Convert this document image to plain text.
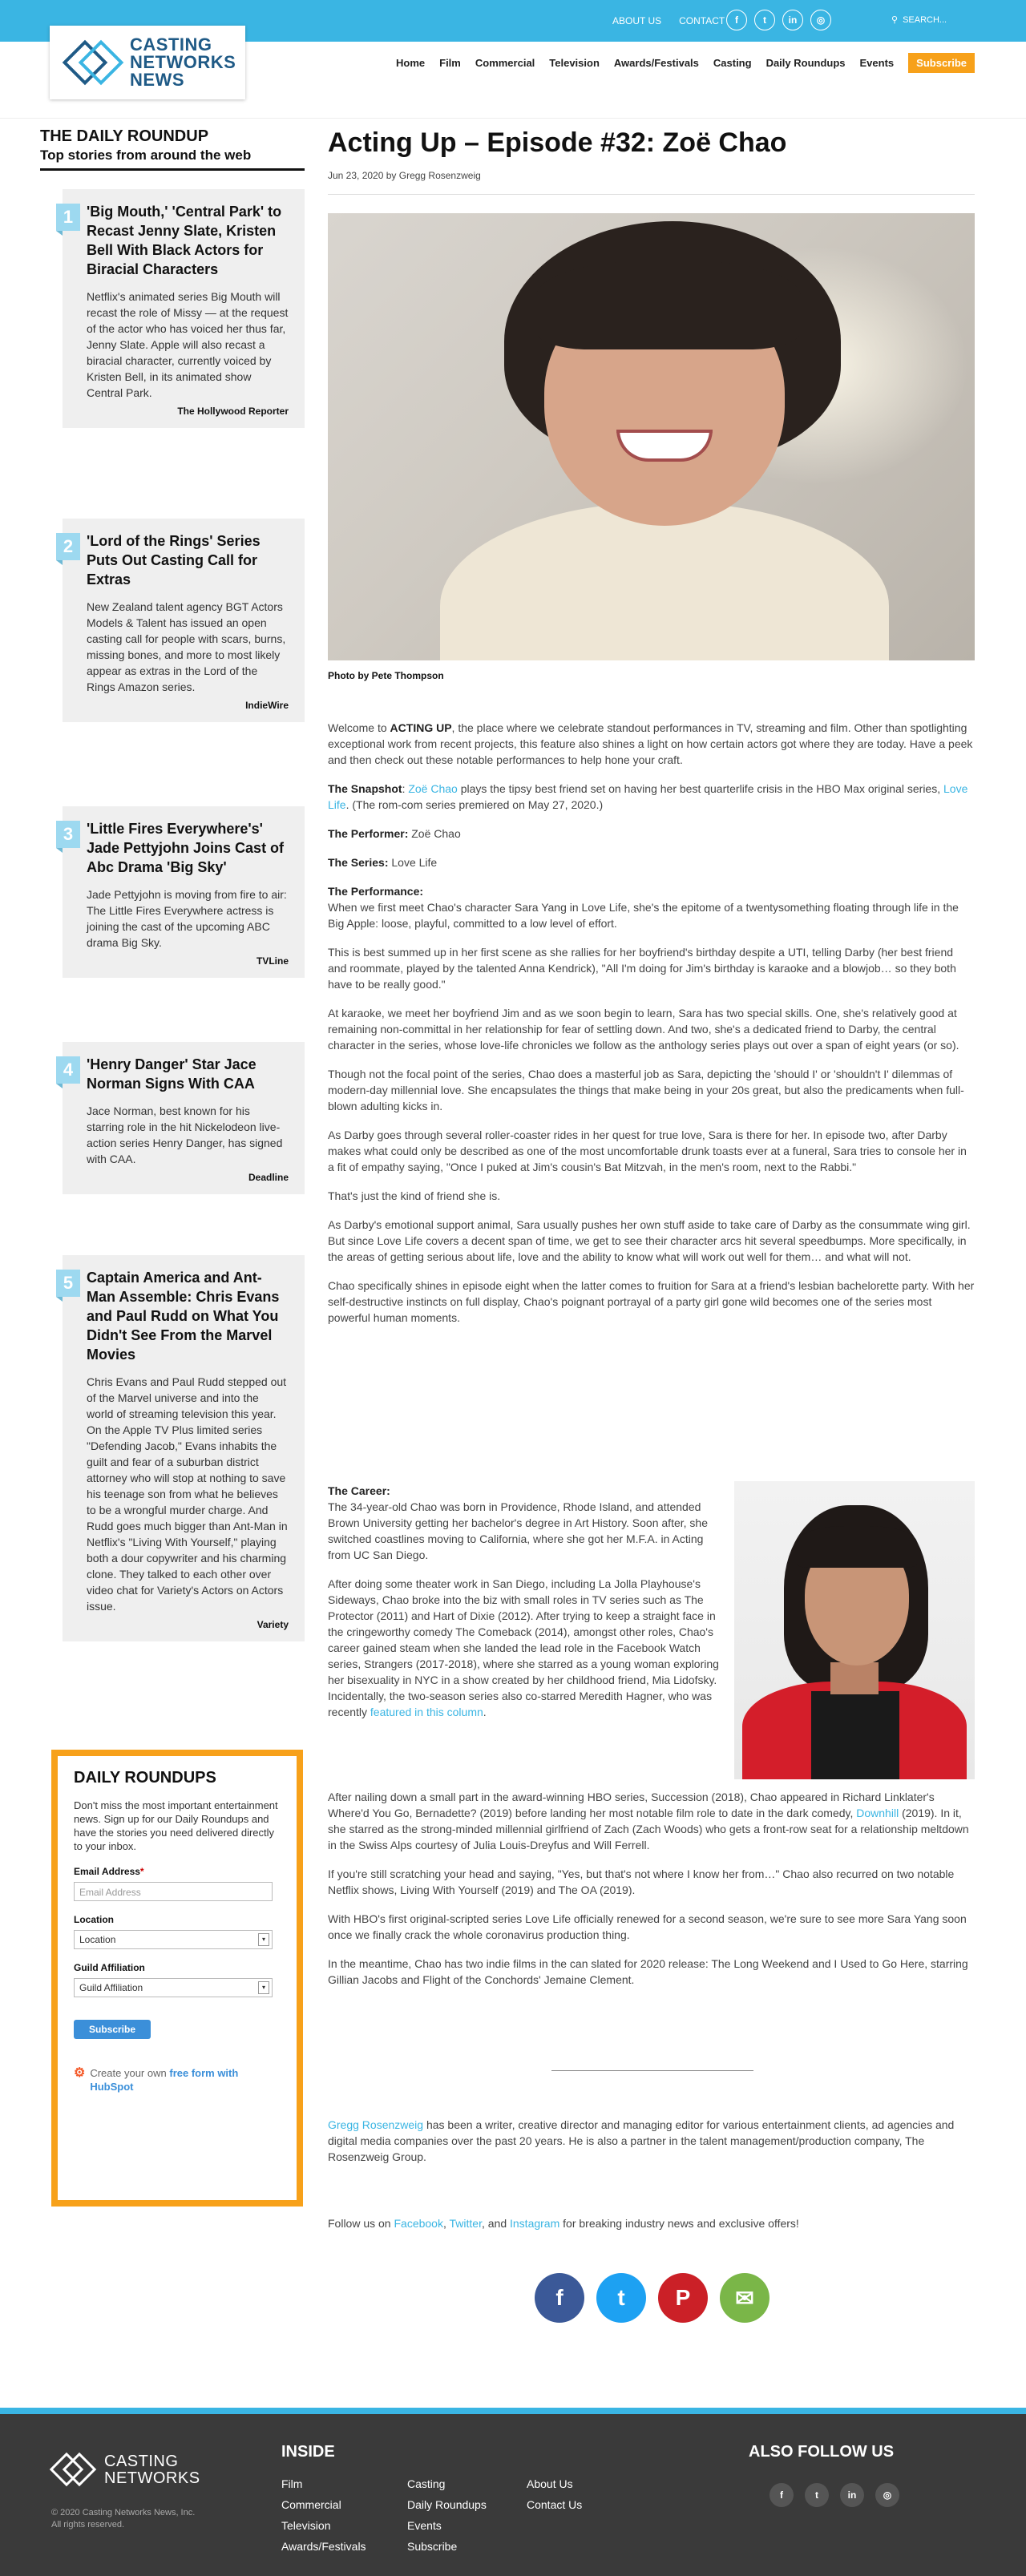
ABOUT US CONTACT	f	t	in	◎	⚲ SEARCH...
CASTING
NETWORKS
NEWS
Home Film Commercial Television Awards/Festivals Casting Daily Roundups Events	Subscribe
THE DAILY ROUNDUP
Top stories from around the web
1 'Big Mouth,' 'Central Park' to Recast Jenny Slate, Kristen Bell With Black Actors for Biracial Characters

Netflix's animated series Big Mouth will recast the role of Missy — at the request of the actor who has voiced her thus far, Jenny Slate. Apple will also recast a biracial character, currently voiced by Kristen Bell, in its animated show Central Park.

The Hollywood Reporter
2 'Lord of the Rings' Series Puts Out Casting Call for Extras

New Zealand talent agency BGT Actors Models & Talent has issued an open casting call for people with scars, burns, missing bones, and more to most likely appear as extras in the Lord of the Rings Amazon series.

IndieWire
3 'Little Fires Everywhere's' Jade Pettyjohn Joins Cast of Abc Drama 'Big Sky'

Jade Pettyjohn is moving from fire to air: The Little Fires Everywhere actress is joining the cast of the upcoming ABC drama Big Sky.

TVLine
4 'Henry Danger' Star Jace Norman Signs With CAA

Jace Norman, best known for his starring role in the hit Nickelodeon live-action series Henry Danger, has signed with CAA.

Deadline
5 Captain America and Ant-Man Assemble: Chris Evans and Paul Rudd on What You Didn't See From the Marvel Movies

Chris Evans and Paul Rudd stepped out of the Marvel universe and into the world of streaming television this year. On the Apple TV Plus limited series "Defending Jacob," Evans inhabits the guilt and fear of a suburban district attorney who will stop at nothing to save his teenage son from what he believes to be a wrongful murder charge. And Rudd goes much bigger than Ant-Man in Netflix's "Living With Yourself," playing both a dour copywriter and his charming clone. They talked to each other over video chat for Variety's Actors on Actors issue.

Variety
DAILY ROUNDUPS

Don't miss the most important entertainment news. Sign up for our Daily Roundups and have the stories you need delivered directly to your inbox.

Email Address*
Email Address
Location
Location	▾
Guild Affiliation
Guild Affiliation	▾
Subscribe
⚙ Create your own free form with
HubSpot
Acting Up – Episode #32: Zoë Chao
Jun 23, 2020 by Gregg Rosenzweig
Photo by Pete Thompson

Welcome to ACTING UP, the place where we celebrate standout performances in TV, streaming and film. Other than spotlighting exceptional work from recent projects, this feature also shines a light on how certain actors got where they are today. Have a peek and then check out these notable performances to help hone your craft.

The Snapshot: Zoë Chao plays the tipsy best friend set on having her best quarterlife crisis in the HBO Max original series, Love Life. (The rom-com series premiered on May 27, 2020.)

The Performer: Zoë Chao

The Series: Love Life

The Performance:

When we first meet Chao's character Sara Yang in Love Life, she's the epitome of a twentysomething floating through life in the Big Apple: loose, playful, committed to a low level of effort.

This is best summed up in her first scene as she rallies for her boyfriend's birthday despite a UTI, telling Darby (her best friend and roommate, played by the talented Anna Kendrick), "All I'm doing for Jim's birthday is karaoke and a blowjob… so they both have to be really good."

At karaoke, we meet her boyfriend Jim and as we soon begin to learn, Sara has two special skills. One, she's relatively good at remaining non-committal in her relationship for fear of settling down. And two, she's a dedicated friend to Darby, the central character in the series, whose love-life chronicles we follow as the anthology series plays out over a span of eight years (or so).

Though not the focal point of the series, Chao does a masterful job as Sara, depicting the 'should I' or 'shouldn't I' dilemmas of modern-day millennial love. She encapsulates the things that make being in your 20s great, but also the predicaments when full-blown adulting kicks in.

As Darby goes through several roller-coaster rides in her quest for true love, Sara is there for her. In episode two, after Darby makes what could only be described as one of the most uncomfortable drunk toasts ever at a funeral, Sara tries to console her in a fit of empathy saying, "Once I puked at Jim's cousin's Bat Mitzvah, in the men's room, next to the Rabbi."

That's just the kind of friend she is.

As Darby's emotional support animal, Sara usually pushes her own stuff aside to take care of Darby as the consummate wing girl. But since Love Life covers a decent span of time, we get to see their character arcs hit several speedbumps. More specifically, in the areas of getting serious about life, love and the ability to know what will work out well for them… and what will not.

Chao specifically shines in episode eight when the latter comes to fruition for Sara at a friend's lesbian bachelorette party. With her self-destructive instincts on full display, Chao's poignant portrayal of a party girl gone wild becomes one of the series most powerful human moments.

The Career:

The 34-year-old Chao was born in Providence, Rhode Island, and attended Brown University getting her bachelor's degree in Art History. Soon after, she switched coastlines moving to California, where she got her M.F.A. in Acting from UC San Diego.

After doing some theater work in San Diego, including La Jolla Playhouse's Sideways, Chao broke into the biz with small roles in TV series such as The Protector (2011) and Hart of Dixie (2012). After trying to keep a straight face in the cringeworthy comedy The Comeback (2014), amongst other roles, Chao's career gained steam when she landed the lead role in the Facebook Watch series, Strangers (2017-2018), where she starred as a young woman exploring her bisexuality in NYC in a show created by her childhood friend, Mia Lidofsky. Incidentally, the two-season series also co-starred Meredith Hagner, who was recently featured in this column.

After nailing down a small part in the award-winning HBO series, Succession (2018), Chao appeared in Richard Linklater's Where'd You Go, Bernadette? (2019) before landing her most notable film role to date in the dark comedy, Downhill (2019). In it, she starred as the strong-minded millennial girlfriend of Zach (Zach Woods) who gets a front-row seat for a relationship meltdown in the Swiss Alps courtesy of Julia Louis-Dreyfus and Will Ferrell.

If you're still scratching your head and saying, "Yes, but that's not where I know her from…" Chao also recurred on two notable Netflix shows, Living With Yourself (2019) and The OA (2019).

With HBO's first original-scripted series Love Life officially renewed for a second season, we're sure to see more Sara Yang soon once we finally crack the whole coronavirus production thing.

In the meantime, Chao has two indie films in the can slated for 2020 release: The Long Weekend and I Used to Go Here, starring Gillian Jacobs and Flight of the Conchords' Jemaine Clement.

Gregg Rosenzweig has been a writer, creative director and managing editor for various entertainment clients, ad agencies and digital media companies over the past 20 years. He is also a partner in the talent management/production company, The Rosenzweig Group.

Follow us on Facebook, Twitter, and Instagram for breaking industry news and exclusive offers!

f	t	P	✉
CASTING
NETWORKS
© 2020 Casting Networks News, Inc. All rights reserved.
INSIDE
Film
Commercial
Television
Awards/Festivals
Casting
Daily Roundups
Events
Subscribe
About Us
Contact Us
ALSO FOLLOW US
f	t	in	◎
